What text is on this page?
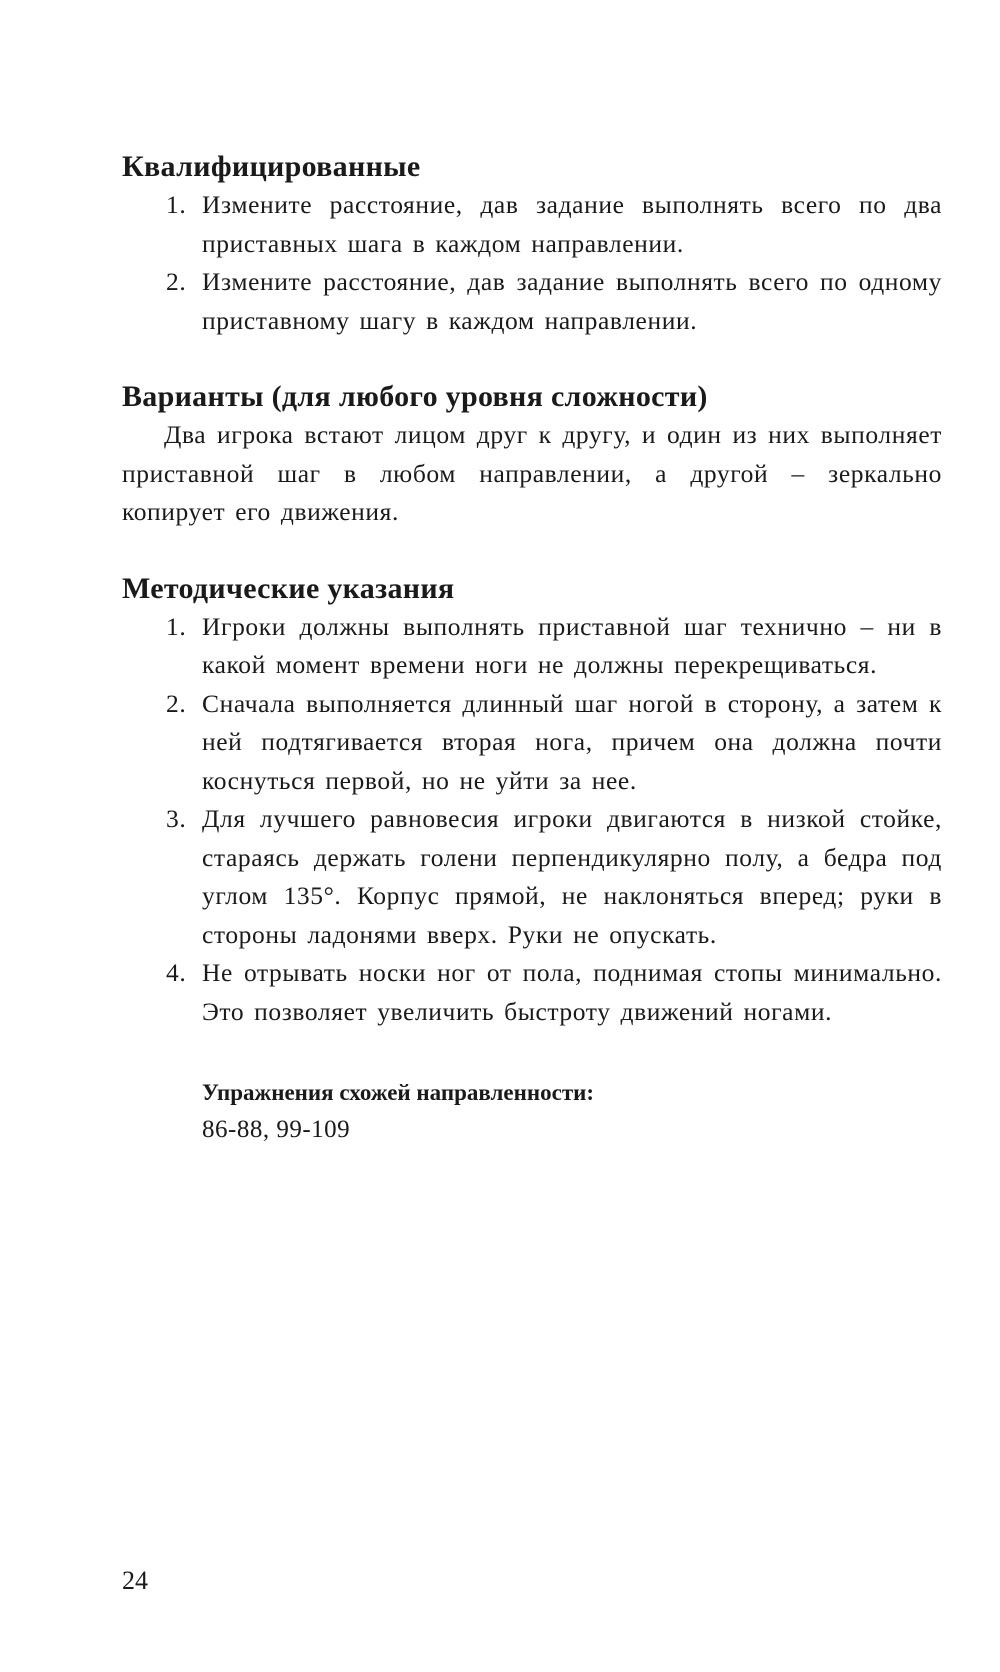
Квалифицированные
1. Измените расстояние, дав задание выполнять всего по два приставных шага в каждом направлении.
2. Измените расстояние, дав задание выполнять всего по одному приставному шагу в каждом направлении.
Варианты (для любого уровня сложности)

Два игрока встают лицом друг к другу, и один из них выполняет приставной шаг в любом направлении, а другой – зеркально копирует его движения.

Методические указания
1. Игроки должны выполнять приставной шаг технично – ни в какой момент времени ноги не должны перекрещиваться.
2. Сначала выполняется длинный шаг ногой в сторону, а затем к ней подтягивается вторая нога, причем она должна почти коснуться первой, но не уйти за нее.
3. Для лучшего равновесия игроки двигаются в низкой стойке, стараясь держать голени перпендикулярно полу, а бедра под углом 135°. Корпус прямой, не наклоняться вперед; руки в стороны ладонями вверх. Руки не опускать.
4. Не отрывать носки ног от пола, поднимая стопы минимально. Это позволяет увеличить быстроту движений ногами.

Упражнения схожей направленности:

86-88, 99-109

24
